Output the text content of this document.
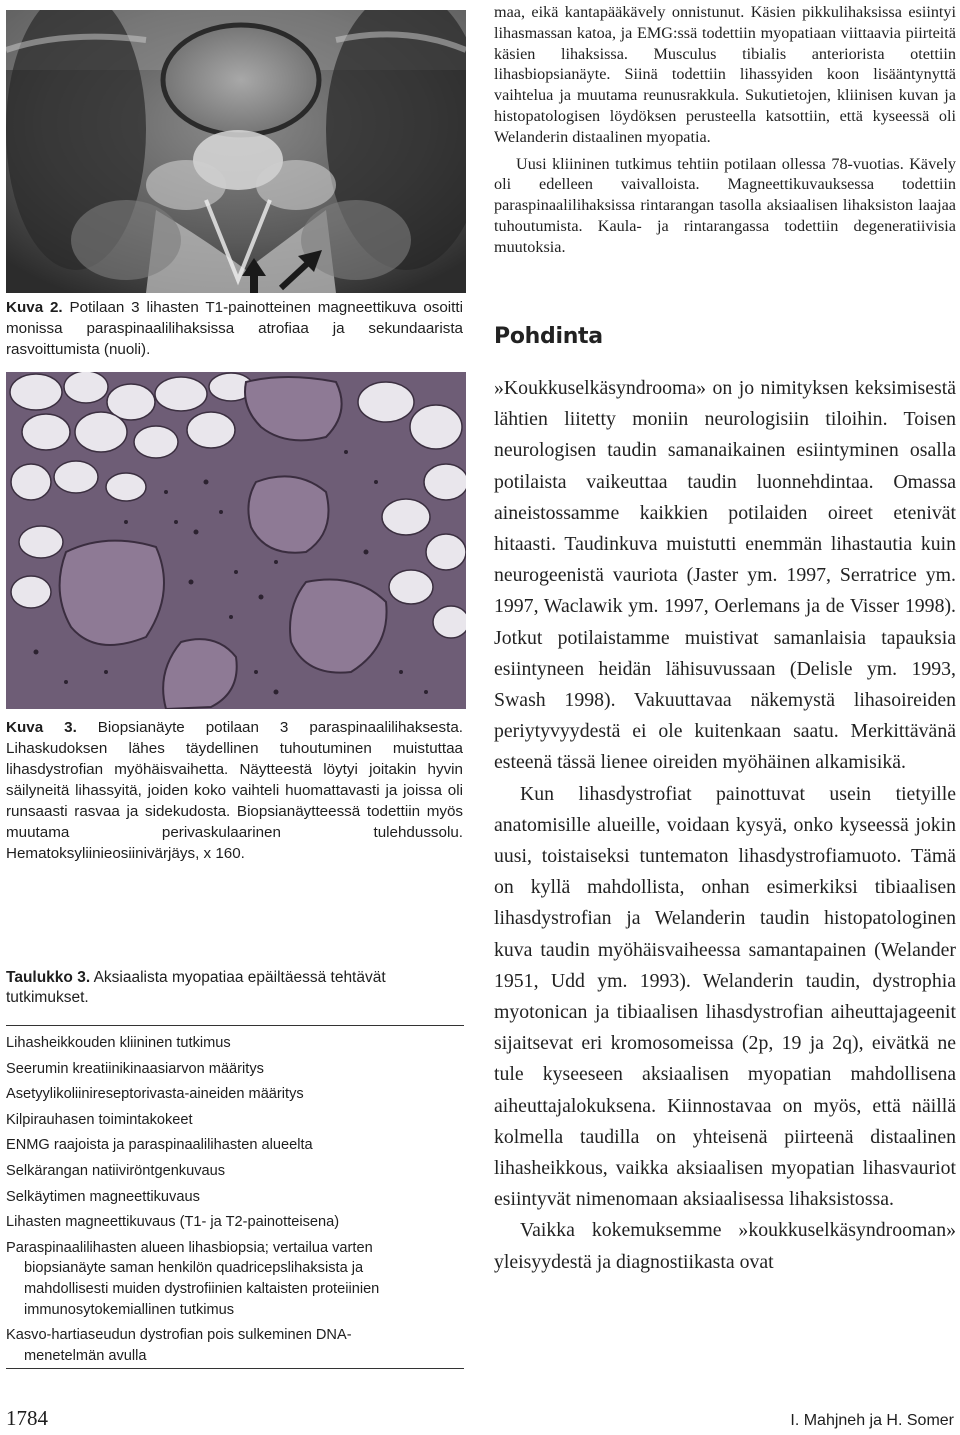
Kuva 2. Potilaan 3 lihasten T1-painotteinen magneettikuva osoitti monissa paraspinaalilihaksissa atrofiaa ja sekundaarista rasvoittumista (nuoli).

Kuva 3. Biopsianäyte potilaan 3 paraspinaalilihaksesta. Lihaskudoksen lähes täydellinen tuhoutuminen muistuttaa lihasdystrofian myöhäisvaihetta. Näytteestä löytyi joitakin hyvin säilyneitä lihassyitä, joiden koko vaihteli huomattavasti ja joissa oli runsaasti rasvaa ja sidekudosta. Biopsianäytteessä todettiin myös muutama perivaskulaarinen tulehdussolu. Hematoksyliinieosiinivärjäys, x 160.

Taulukko 3. Aksiaalista myopatiaa epäiltäessä tehtävät tutkimukset.

Lihasheikkouden kliininen tutkimus
Seerumin kreatiinikinaasiarvon määritys
Asetyylikoliinireseptorivasta-aineiden määritys
Kilpirauhasen toimintakokeet
ENMG raajoista ja paraspinaalilihasten alueelta
Selkärangan natiiviröntgenkuvaus
Selkäytimen magneettikuvaus
Lihasten magneettikuvaus (T1- ja T2-painotteisena)
Paraspinaalilihasten alueen lihasbiopsia; vertailua varten biopsianäyte saman henkilön quadricepslihaksista ja mahdollisesti muiden dystrofiinien kaltaisten proteiinien immunosytokemiallinen tutkimus
Kasvo-hartiaseudun dystrofian pois sulkeminen DNA-menetelmän avulla

maa, eikä kantapääkävely onnistunut. Käsien pikkulihaksissa esiintyi lihasmassan katoa, ja EMG:ssä todettiin myopatiaan viittaavia piirteitä käsien lihaksissa. Musculus tibialis anteriorista otettiin lihasbiopsianäyte. Siinä todettiin lihassyiden koon lisääntynyttä vaihtelua ja muutama reunusrakkula. Sukutietojen, kliinisen kuvan ja histopatologisen löydöksen perusteella katsottiin, että kyseessä oli Welanderin distaalinen myopatia.

Uusi kliininen tutkimus tehtiin potilaan ollessa 78-vuotias. Kävely oli edelleen vaivalloista. Magneettikuvauksessa todettiin paraspinaalilihaksissa rintarangan tasolla aksiaalisen lihaksiston laajaa tuhoutumista. Kaula- ja rintarangassa todettiin degeneratiivisia muutoksia.

Pohdinta

»Koukkuselkäsyndrooma» on jo nimityksen keksimisestä lähtien liitetty moniin neurologisiin tiloihin. Toisen neurologisen taudin samanaikainen esiintyminen osalla potilaista vaikeuttaa taudin luonnehdintaa. Omassa aineistossamme kaikkien potilaiden oireet etenivät hitaasti. Taudinkuva muistutti enemmän lihastautia kuin neurogeenistä vauriota (Jaster ym. 1997, Serratrice ym. 1997, Waclawik ym. 1997, Oerlemans ja de Visser 1998). Jotkut potilaistamme muistivat samanlaisia tapauksia esiintyneen heidän lähisuvussaan (Delisle ym. 1993, Swash 1998). Vakuuttavaa näkemystä lihasoireiden periytyvyydestä ei ole kuitenkaan saatu. Merkittävänä esteenä tässä lienee oireiden myöhäinen alkamisikä.

Kun lihasdystrofiat painottuvat usein tietyille anatomisille alueille, voidaan kysyä, onko kyseessä jokin uusi, toistaiseksi tuntematon lihasdystrofiamuoto. Tämä on kyllä mahdollista, onhan esimerkiksi tibiaalisen lihasdystrofian ja Welanderin taudin histopatologinen kuva taudin myöhäisvaiheessa samantapainen (Welander 1951, Udd ym. 1993). Welanderin taudin, dystrophia myotonican ja tibiaalisen lihasdystrofian aiheuttajageenit sijaitsevat eri kromosomeissa (2p, 19 ja 2q), eivätkä ne tule kyseeseen aksiaalisen myopatian mahdollisena aiheuttajalokuksena. Kiinnostavaa on myös, että näillä kolmella taudilla on yhteisenä piirteenä distaalinen lihasheikkous, vaikka aksiaalisen myopatian lihasvauriot esiintyvät nimenomaan aksiaalisessa lihaksistossa.

Vaikka kokemuksemme »koukkuselkäsyndrooman» yleisyydestä ja diagnostiikasta ovat

1784	I. Mahjneh ja H. Somer
